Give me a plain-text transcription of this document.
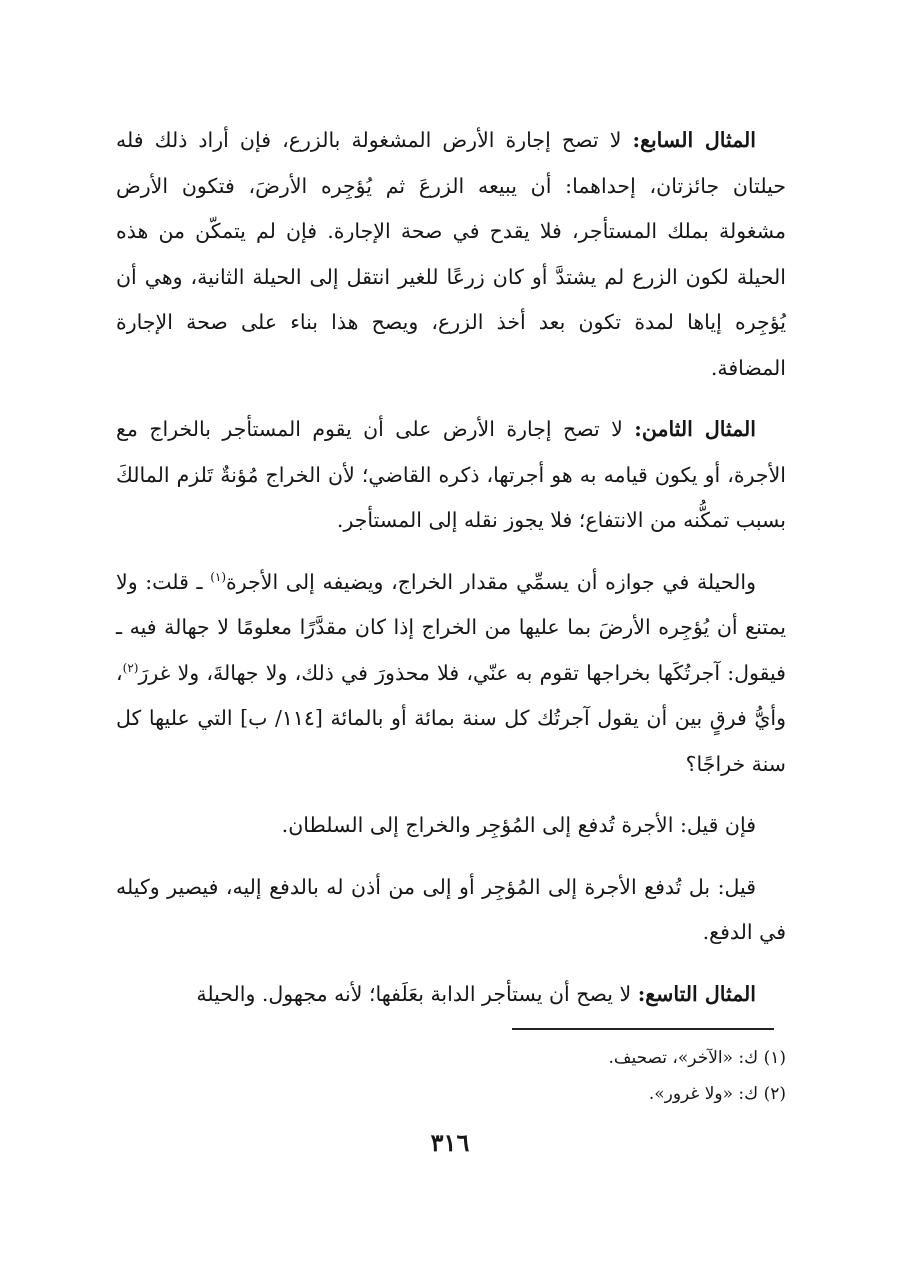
المثال السابع: لا تصح إجارة الأرض المشغولة بالزرع، فإن أراد ذلك فله حيلتان جائزتان، إحداهما: أن يبيعه الزرعَ ثم يُؤجِره الأرضَ، فتكون الأرض مشغولة بملك المستأجر، فلا يقدح في صحة الإجارة. فإن لم يتمكّن من هذه الحيلة لكون الزرع لم يشتدَّ أو كان زرعًا للغير انتقل إلى الحيلة الثانية، وهي أن يُؤجِره إياها لمدة تكون بعد أخذ الزرع، ويصح هذا بناء على صحة الإجارة المضافة.

المثال الثامن: لا تصح إجارة الأرض على أن يقوم المستأجر بالخراج مع الأجرة، أو يكون قيامه به هو أجرتها، ذكره القاضي؛ لأن الخراج مُؤنةٌ تَلزم المالكَ بسبب تمكُّنه من الانتفاع؛ فلا يجوز نقله إلى المستأجر.

والحيلة في جوازه أن يسمِّي مقدار الخراج، ويضيفه إلى الأجرة$^{(١)}$ ـ قلت: ولا يمتنع أن يُؤجِره الأرضَ بما عليها من الخراج إذا كان مقدَّرًا معلومًا لا جهالة فيه ـ فيقول: آجرتُكَها بخراجها تقوم به عنّي، فلا محذورَ في ذلك، ولا جهالةَ، ولا غررَ$^{(٢)}$، وأيُّ فرقٍ بين أن يقول آجرتُك كل سنة بمائة أو بالمائة [١١٤/ ب] التي عليها كل سنة خراجًا؟

فإن قيل: الأجرة تُدفع إلى المُؤجِر والخراج إلى السلطان.

قيل: بل تُدفع الأجرة إلى المُؤجِر أو إلى من أذن له بالدفع إليه، فيصير وكيله في الدفع.

المثال التاسع: لا يصح أن يستأجر الدابة بعَلَفها؛ لأنه مجهول. والحيلة

(١) ك: «الآخر»، تصحيف.

(٢) ك: «ولا غرور».

٣١٦
